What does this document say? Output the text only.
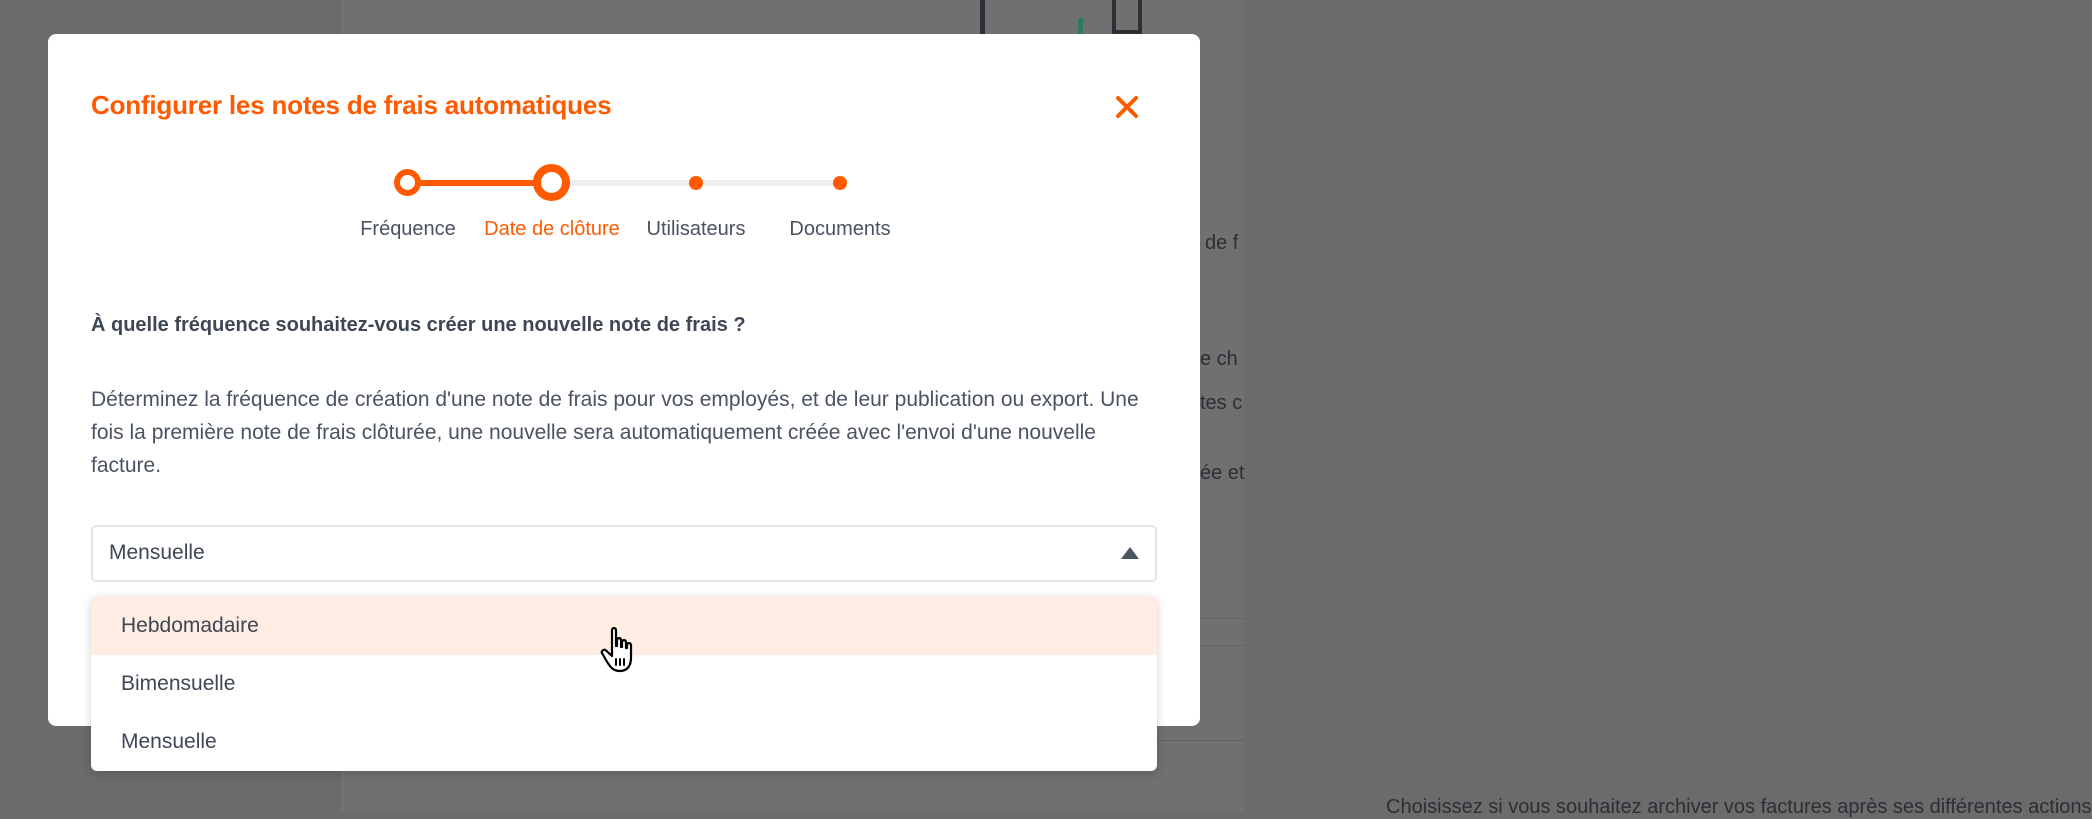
de f
e ch
tes c
ée et
Choisissez si vous souhaitez archiver vos factures après ses différentes actions
Configurer les notes de frais automatiques
Fréquence	Date de clôture	Utilisateurs	Documents
À quelle fréquence souhaitez-vous créer une nouvelle note de frais ?
Déterminez la fréquence de création d'une note de frais pour vos employés, et de leur publication ou export. Une fois la première note de frais clôturée, une nouvelle sera automatiquement créée avec l'envoi d'une nouvelle facture.
Mensuelle
Hebdomadaire
Bimensuelle
Mensuelle
